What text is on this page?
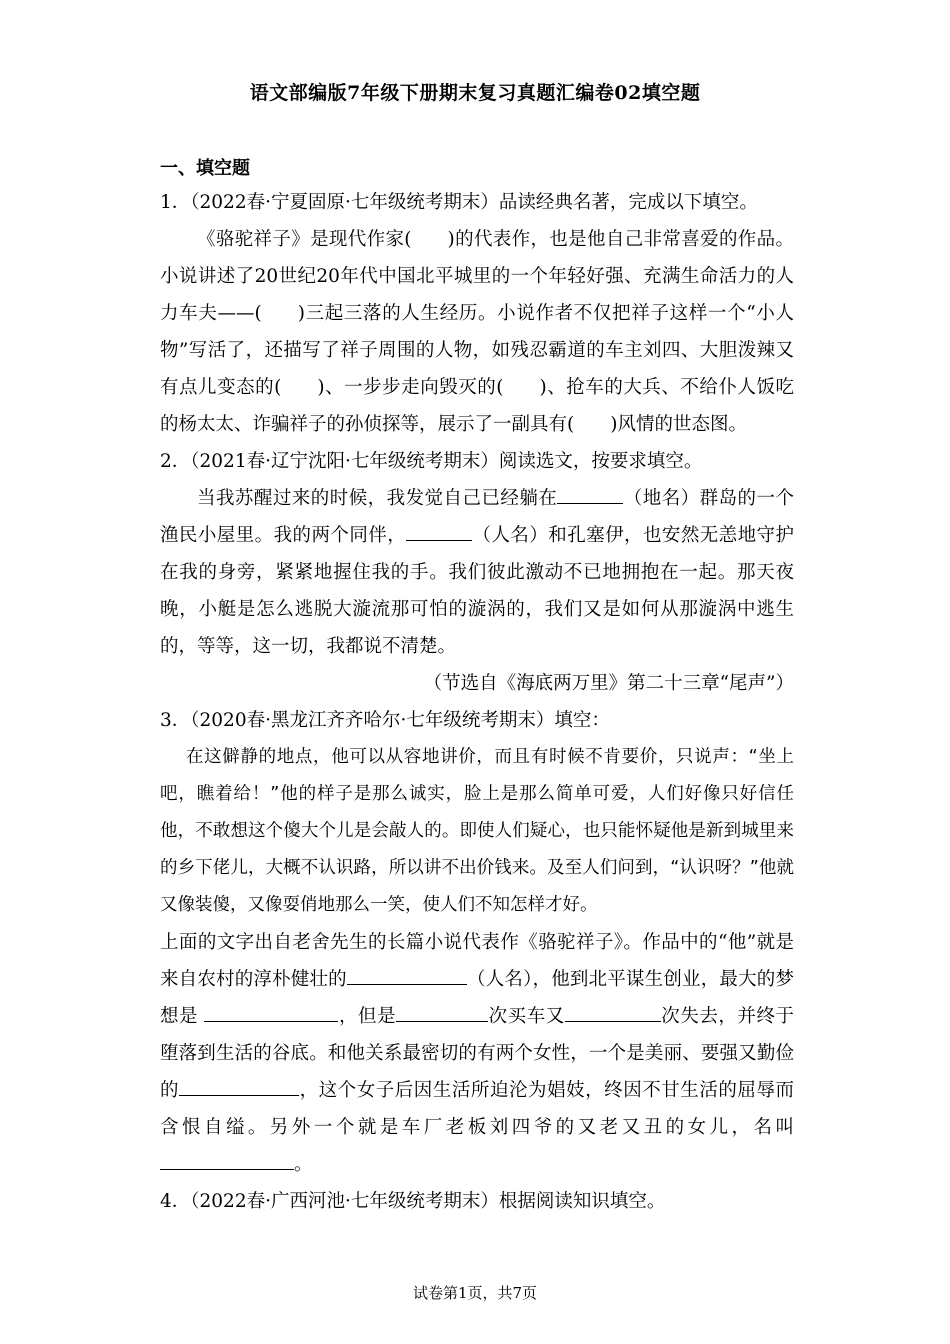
语文部编版7年级下册期末复习真题汇编卷02填空题
一、填空题

1．（2022春·宁夏固原·七年级统考期末）品读经典名著，完成以下填空。

《骆驼祥子》是现代作家( )的代表作，也是他自己非常喜爱的作品。小说讲述了20世纪20年代中国北平城里的一个年轻好强、充满生命活力的人力车夫——( )三起三落的人生经历。小说作者不仅把祥子这样一个“小人物”写活了，还描写了祥子周围的人物，如残忍霸道的车主刘四、大胆泼辣又有点儿变态的( )、一步步走向毁灭的( )、抢车的大兵、不给仆人饭吃的杨太太、诈骗祥子的孙侦探等，展示了一副具有( )风情的世态图。

2．（2021春·辽宁沈阳·七年级统考期末）阅读选文，按要求填空。

当我苏醒过来的时候，我发觉自己已经躺在	（地名）群岛的一个渔民小屋里。我的两个同伴，	（人名）和孔塞伊，也安然无恙地守护在我的身旁，紧紧地握住我的手。我们彼此激动不已地拥抱在一起。那天夜晚，小艇是怎么逃脱大漩流那可怕的漩涡的，我们又是如何从那漩涡中逃生的，等等，这一切，我都说不清楚。

（节选自《海底两万里》第二十三章“尾声”）

3．（2020春·黑龙江齐齐哈尔·七年级统考期末）填空：

在这僻静的地点，他可以从容地讲价，而且有时候不肯要价，只说声：“坐上吧，瞧着给！”他的样子是那么诚实，脸上是那么简单可爱，人们好像只好信任他，不敢想这个傻大个儿是会敲人的。即使人们疑心，也只能怀疑他是新到城里来的乡下佬儿，大概不认识路，所以讲不出价钱来。及至人们问到，“认识呀？”他就又像装傻，又像耍俏地那么一笑，使人们不知怎样才好。

上面的文字出自老舍先生的长篇小说代表作《骆驼祥子》。作品中的“他”就是来自农村的淳朴健壮的	（人名），他到北平谋生创业，最大的梦想是	，但是	次买车又	次失去，并终于堕落到生活的谷底。和他关系最密切的有两个女性，一个是美丽、要强又勤俭的	，这个女子后因生活所迫沦为娼妓，终因不甘生活的屈辱而含恨自缢。另外一个就是车厂老板刘四爷的又老又丑的女儿，名叫。

4．（2022春·广西河池·七年级统考期末）根据阅读知识填空。

试卷第1页，共7页
